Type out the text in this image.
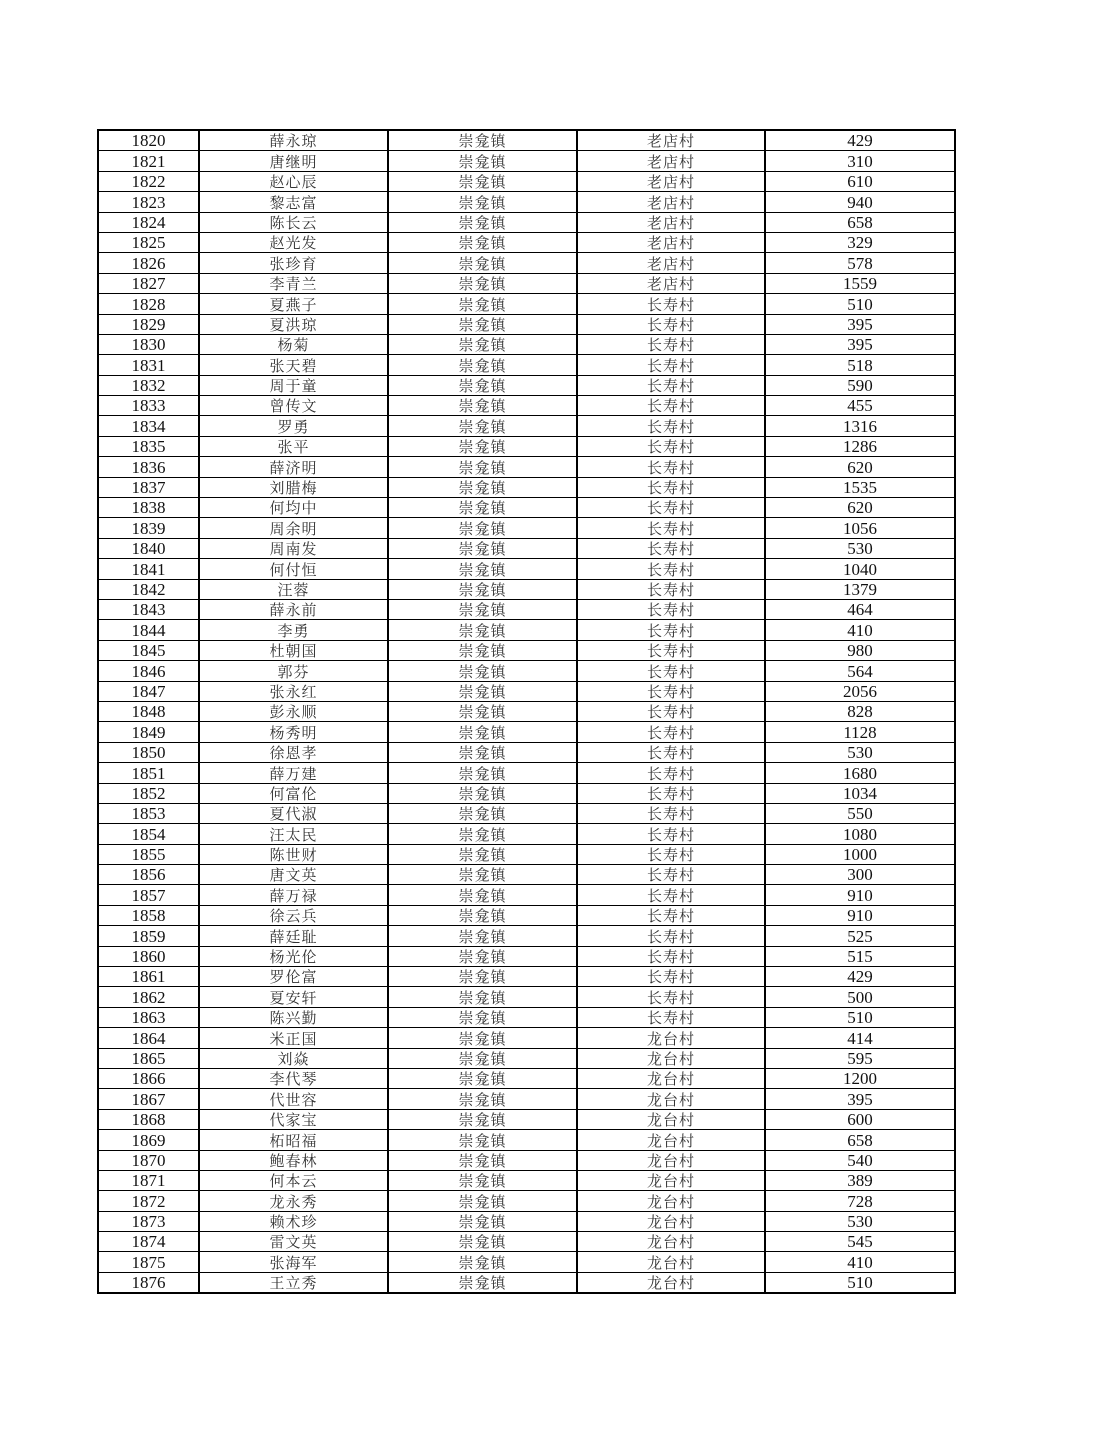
1820	薛永琼	崇龛镇	老店村	429
1821	唐继明	崇龛镇	老店村	310
1822	赵心辰	崇龛镇	老店村	610
1823	黎志富	崇龛镇	老店村	940
1824	陈长云	崇龛镇	老店村	658
1825	赵光发	崇龛镇	老店村	329
1826	张珍育	崇龛镇	老店村	578
1827	李青兰	崇龛镇	老店村	1559
1828	夏燕子	崇龛镇	长寿村	510
1829	夏洪琼	崇龛镇	长寿村	395
1830	杨菊	崇龛镇	长寿村	395
1831	张天碧	崇龛镇	长寿村	518
1832	周于童	崇龛镇	长寿村	590
1833	曾传文	崇龛镇	长寿村	455
1834	罗勇	崇龛镇	长寿村	1316
1835	张平	崇龛镇	长寿村	1286
1836	薛济明	崇龛镇	长寿村	620
1837	刘腊梅	崇龛镇	长寿村	1535
1838	何均中	崇龛镇	长寿村	620
1839	周余明	崇龛镇	长寿村	1056
1840	周南发	崇龛镇	长寿村	530
1841	何付恒	崇龛镇	长寿村	1040
1842	汪蓉	崇龛镇	长寿村	1379
1843	薛永前	崇龛镇	长寿村	464
1844	李勇	崇龛镇	长寿村	410
1845	杜朝国	崇龛镇	长寿村	980
1846	郭芬	崇龛镇	长寿村	564
1847	张永红	崇龛镇	长寿村	2056
1848	彭永顺	崇龛镇	长寿村	828
1849	杨秀明	崇龛镇	长寿村	1128
1850	徐恩孝	崇龛镇	长寿村	530
1851	薛万建	崇龛镇	长寿村	1680
1852	何富伦	崇龛镇	长寿村	1034
1853	夏代淑	崇龛镇	长寿村	550
1854	汪太民	崇龛镇	长寿村	1080
1855	陈世财	崇龛镇	长寿村	1000
1856	唐文英	崇龛镇	长寿村	300
1857	薛万禄	崇龛镇	长寿村	910
1858	徐云兵	崇龛镇	长寿村	910
1859	薛廷耻	崇龛镇	长寿村	525
1860	杨光伦	崇龛镇	长寿村	515
1861	罗伦富	崇龛镇	长寿村	429
1862	夏安轩	崇龛镇	长寿村	500
1863	陈兴勤	崇龛镇	长寿村	510
1864	米正国	崇龛镇	龙台村	414
1865	刘焱	崇龛镇	龙台村	595
1866	李代琴	崇龛镇	龙台村	1200
1867	代世容	崇龛镇	龙台村	395
1868	代家宝	崇龛镇	龙台村	600
1869	柘昭福	崇龛镇	龙台村	658
1870	鲍春林	崇龛镇	龙台村	540
1871	何本云	崇龛镇	龙台村	389
1872	龙永秀	崇龛镇	龙台村	728
1873	赖术珍	崇龛镇	龙台村	530
1874	雷文英	崇龛镇	龙台村	545
1875	张海军	崇龛镇	龙台村	410
1876	王立秀	崇龛镇	龙台村	510
